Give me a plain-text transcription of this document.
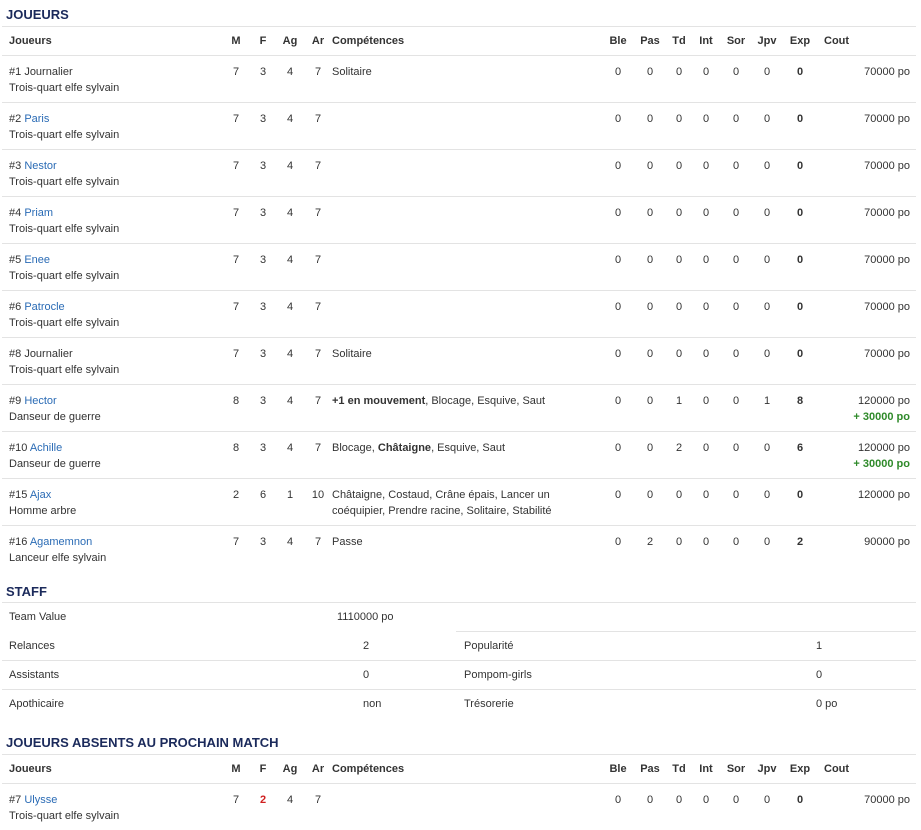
JOUEURS
Joueurs	M	F	Ag	Ar	Compétences	Ble	Pas	Td	Int	Sor	Jpv	Exp	Cout
#1 Journalier
Trois-quart elfe sylvain	7	3	4	7	Solitaire	0	0	0	0	0	0	0	70000 po
#2 Paris
Trois-quart elfe sylvain	7	3	4	7		0	0	0	0	0	0	0	70000 po
#3 Nestor
Trois-quart elfe sylvain	7	3	4	7		0	0	0	0	0	0	0	70000 po
#4 Priam
Trois-quart elfe sylvain	7	3	4	7		0	0	0	0	0	0	0	70000 po
#5 Enee
Trois-quart elfe sylvain	7	3	4	7		0	0	0	0	0	0	0	70000 po
#6 Patrocle
Trois-quart elfe sylvain	7	3	4	7		0	0	0	0	0	0	0	70000 po
#8 Journalier
Trois-quart elfe sylvain	7	3	4	7	Solitaire	0	0	0	0	0	0	0	70000 po
#9 Hector
Danseur de guerre	8	3	4	7	+1 en mouvement, Blocage, Esquive, Saut	0	0	1	0	0	1	8	120000 po
+ 30000 po
#10 Achille
Danseur de guerre	8	3	4	7	Blocage, Châtaigne, Esquive, Saut	0	0	2	0	0	0	6	120000 po
+ 30000 po
#15 Ajax
Homme arbre	2	6	1	10	Châtaigne, Costaud, Crâne épais, Lancer un coéquipier, Prendre racine, Solitaire, Stabilité	0	0	0	0	0	0	0	120000 po
#16 Agamemnon
Lanceur elfe sylvain	7	3	4	7	Passe	0	2	0	0	0	0	2	90000 po
STAFF
Team Value	1110000 po		
Relances	2	Popularité	1
Assistants	0	Pompom-girls	0
Apothicaire	non	Trésorerie	0 po
JOUEURS ABSENTS AU PROCHAIN MATCH
Joueurs	M	F	Ag	Ar	Compétences	Ble	Pas	Td	Int	Sor	Jpv	Exp	Cout
#7 Ulysse
Trois-quart elfe sylvain	7	2	4	7		0	0	0	0	0	0	0	70000 po
